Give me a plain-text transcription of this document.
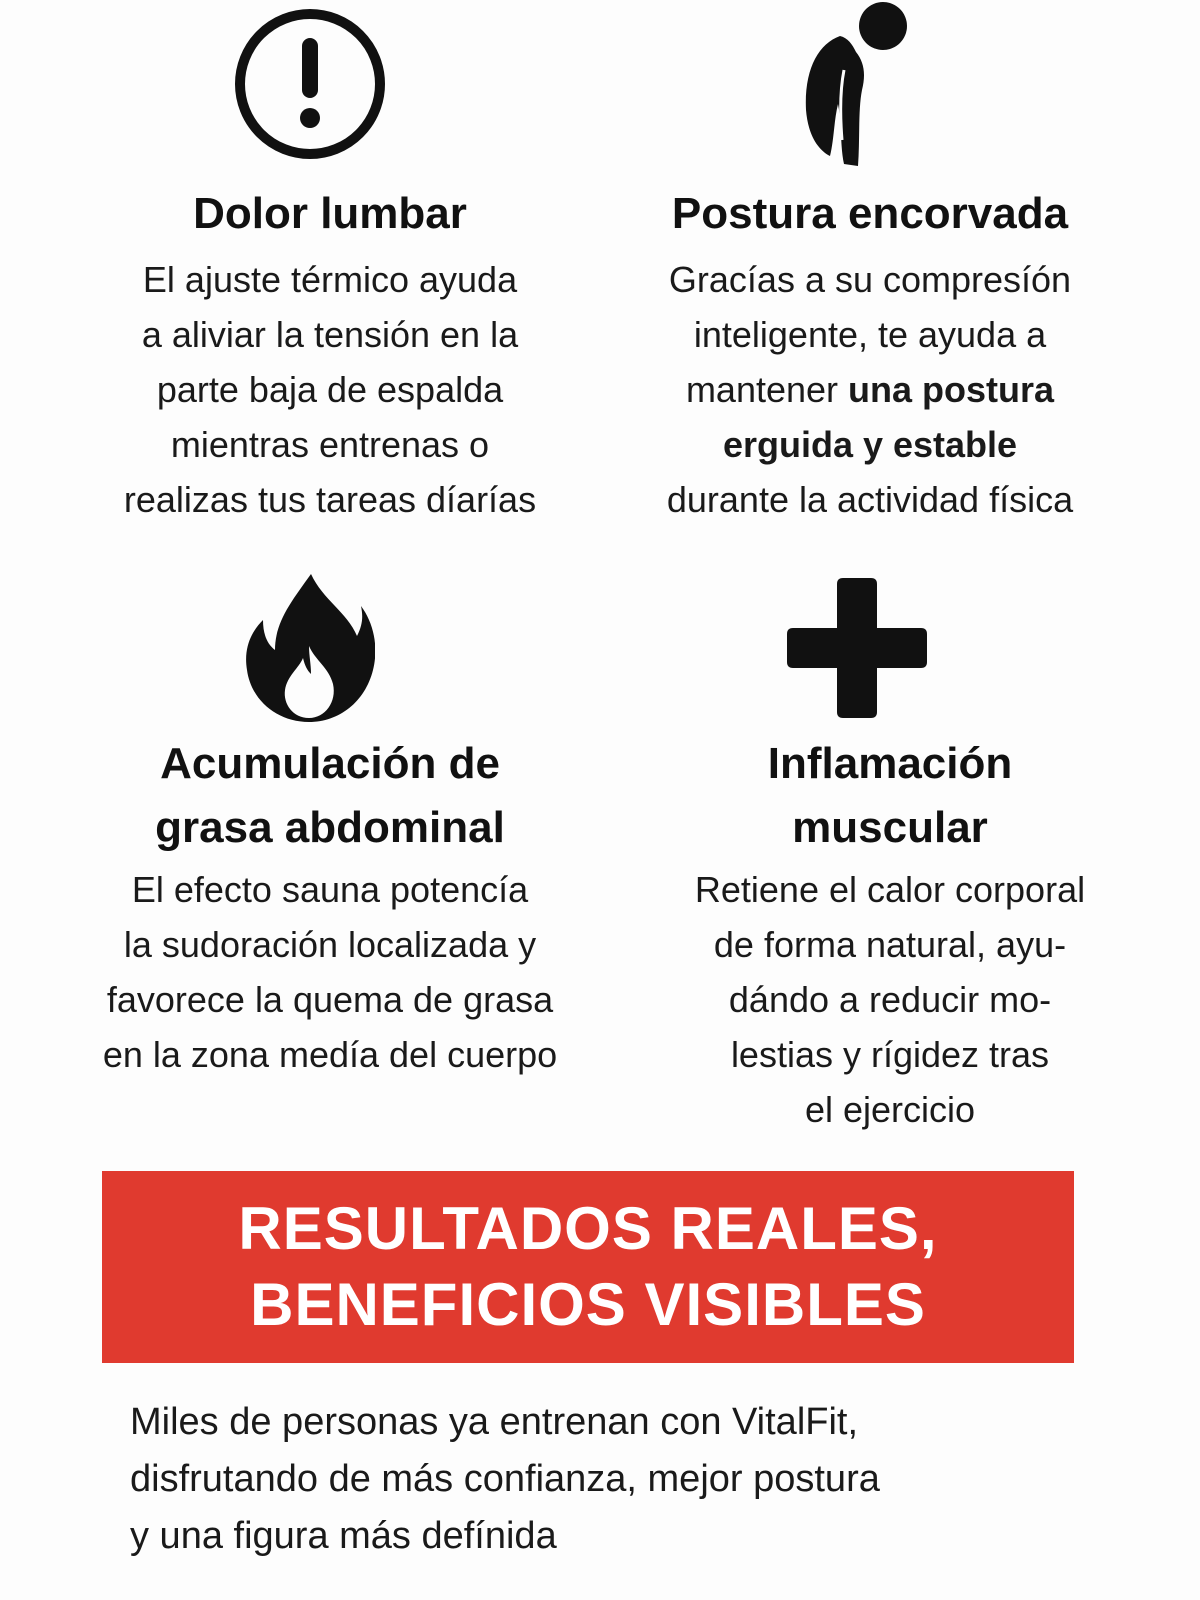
Dolor lumbar

El ajuste térmico ayuda
a aliviar la tensión en la
parte baja de espalda
mientras entrenas o
realizas tus tareas díarías

Postura encorvada

Gracías a su compresíón
inteligente, te ayuda a
mantener una postura
erguida y estable
durante la actividad física

Acumulación de
grasa abdominal

El efecto sauna potencía
la sudoración localizada y
favorece la quema de grasa
en la zona medía del cuerpo

Inflamación
muscular

Retiene el calor corporal
de forma natural, ayu-
dándo a reducir mo-
lestias y rígidez tras
el ejercicio

RESULTADOS REALES,
BENEFICIOS VISIBLES
Miles de personas ya entrenan con VitalFit,
disfrutando de más confianza, mejor postura
y una figura más defínida
